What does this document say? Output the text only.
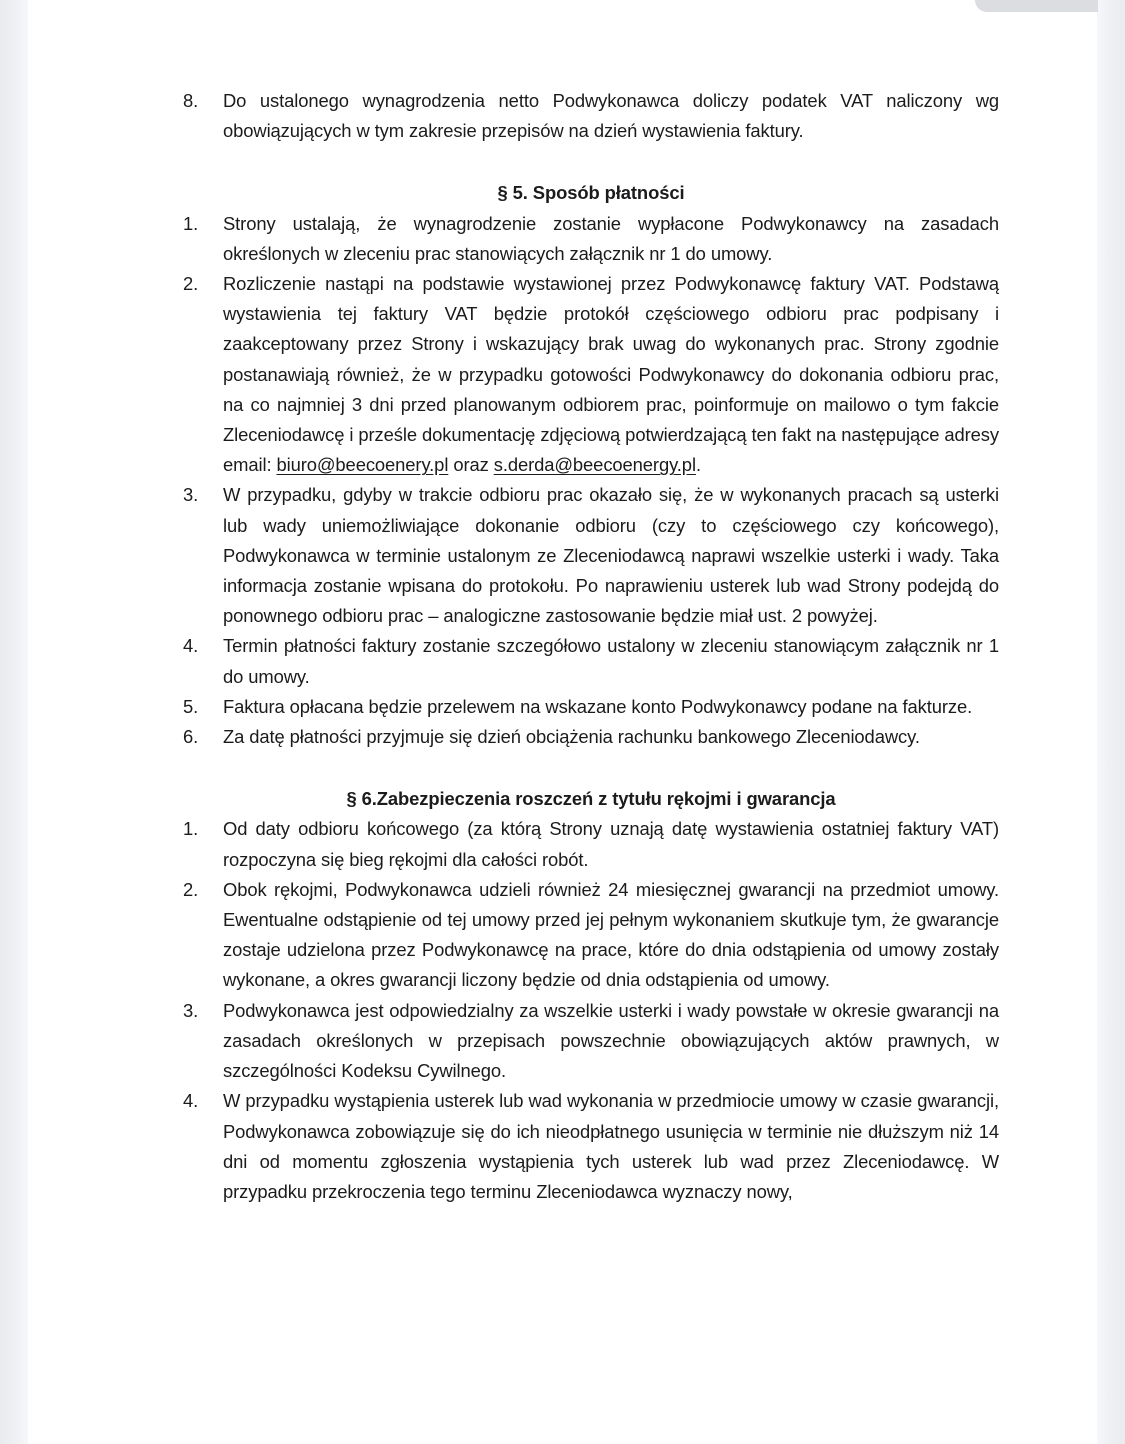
8.	Do ustalonego wynagrodzenia netto Podwykonawca doliczy podatek VAT naliczony wg obowiązujących w tym zakresie przepisów na dzień wystawienia faktury.

§ 5. Sposób płatności
1.	Strony ustalają, że wynagrodzenie zostanie wypłacone Podwykonawcy na zasadach określonych w zleceniu prac stanowiących załącznik nr 1 do umowy.

2.	Rozliczenie nastąpi na podstawie wystawionej przez Podwykonawcę faktury VAT. Podstawą wystawienia tej faktury VAT będzie protokół częściowego odbioru prac podpisany i zaakceptowany przez Strony i wskazujący brak uwag do wykonanych prac. Strony zgodnie postanawiają również, że w przypadku gotowości Podwykonawcy do dokonania odbioru prac, na co najmniej 3 dni przed planowanym odbiorem prac, poinformuje on mailowo o tym fakcie Zleceniodawcę i prześle dokumentację zdjęciową potwierdzającą ten fakt na następujące adresy email: biuro@beecoenery.pl oraz s.derda@beecoenergy.pl.

3.	W przypadku, gdyby w trakcie odbioru prac okazało się, że w wykonanych pracach są usterki lub wady uniemożliwiające dokonanie odbioru (czy to częściowego czy końcowego), Podwykonawca w terminie ustalonym ze Zleceniodawcą naprawi wszelkie usterki i wady. Taka informacja zostanie wpisana do protokołu. Po naprawieniu usterek lub wad Strony podejdą do ponownego odbioru prac – analogiczne zastosowanie będzie miał ust. 2 powyżej.

4.	Termin płatności faktury zostanie szczegółowo ustalony w zleceniu stanowiącym załącznik nr 1 do umowy.

5.	Faktura opłacana będzie przelewem na wskazane konto Podwykonawcy podane na fakturze.

6.	Za datę płatności przyjmuje się dzień obciążenia rachunku bankowego Zleceniodawcy.

§ 6.Zabezpieczenia roszczeń z tytułu rękojmi i gwarancja
1.	Od daty odbioru końcowego (za którą Strony uznają datę wystawienia ostatniej faktury VAT) rozpoczyna się bieg rękojmi dla całości robót.

2.	Obok rękojmi, Podwykonawca udzieli również 24 miesięcznej gwarancji na przedmiot umowy. Ewentualne odstąpienie od tej umowy przed jej pełnym wykonaniem skutkuje tym, że gwarancje zostaje udzielona przez Podwykonawcę na prace, które do dnia odstąpienia od umowy zostały wykonane, a okres gwarancji liczony będzie od dnia odstąpienia od umowy.

3.	Podwykonawca jest odpowiedzialny za wszelkie usterki i wady powstałe w okresie gwarancji na zasadach określonych w przepisach powszechnie obowiązujących aktów prawnych, w szczególności Kodeksu Cywilnego.

4.	W przypadku wystąpienia usterek lub wad wykonania w przedmiocie umowy w czasie gwarancji, Podwykonawca zobowiązuje się do ich nieodpłatnego usunięcia w terminie nie dłuższym niż 14 dni od momentu zgłoszenia wystąpienia tych usterek lub wad przez Zleceniodawcę. W przypadku przekroczenia tego terminu Zleceniodawca wyznaczy nowy,
